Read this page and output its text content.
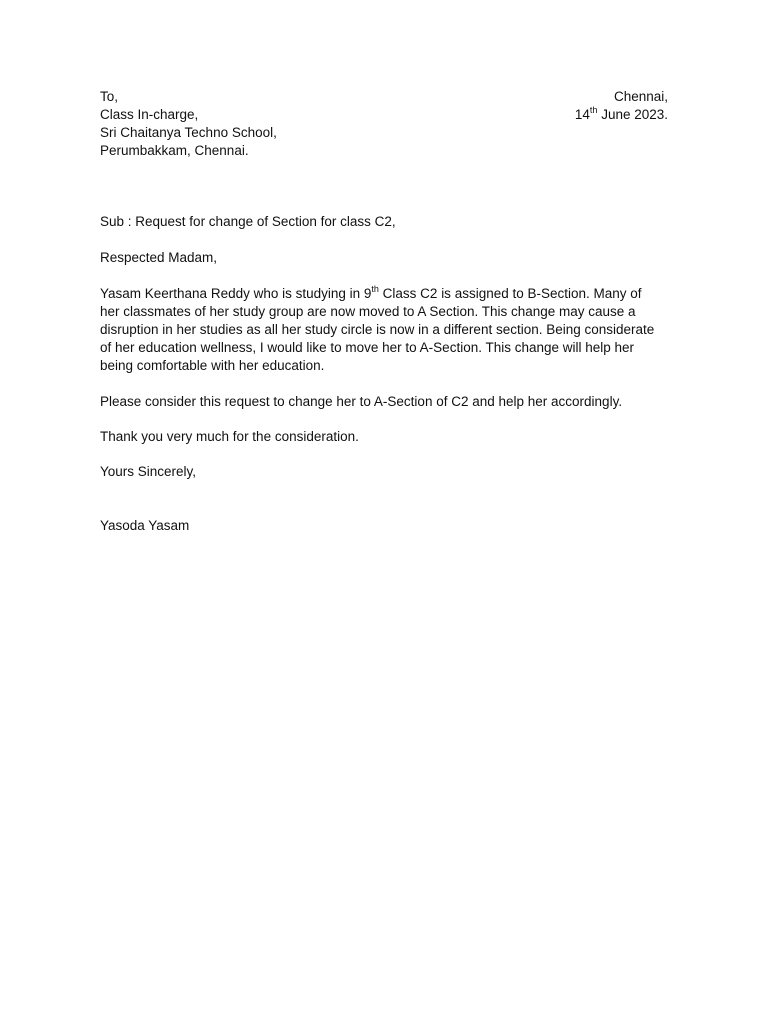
To,
Class In-charge,
Sri Chaitanya Techno School,
Perumbakkam, Chennai.
Chennai,
14th June 2023.
Sub : Request for change of Section for class C2,
Respected Madam,
Yasam Keerthana Reddy who is studying in 9th Class C2 is assigned to B-Section. Many of her classmates of her study group are now moved to A Section. This change may cause a disruption in her studies as all her study circle is now in a different section. Being considerate of her education wellness, I would like to move her to A-Section. This change will help her being comfortable with her education.
Please consider this request to change her to A-Section of C2 and help her accordingly.
Thank you very much for the consideration.
Yours Sincerely,
Yasoda Yasam
